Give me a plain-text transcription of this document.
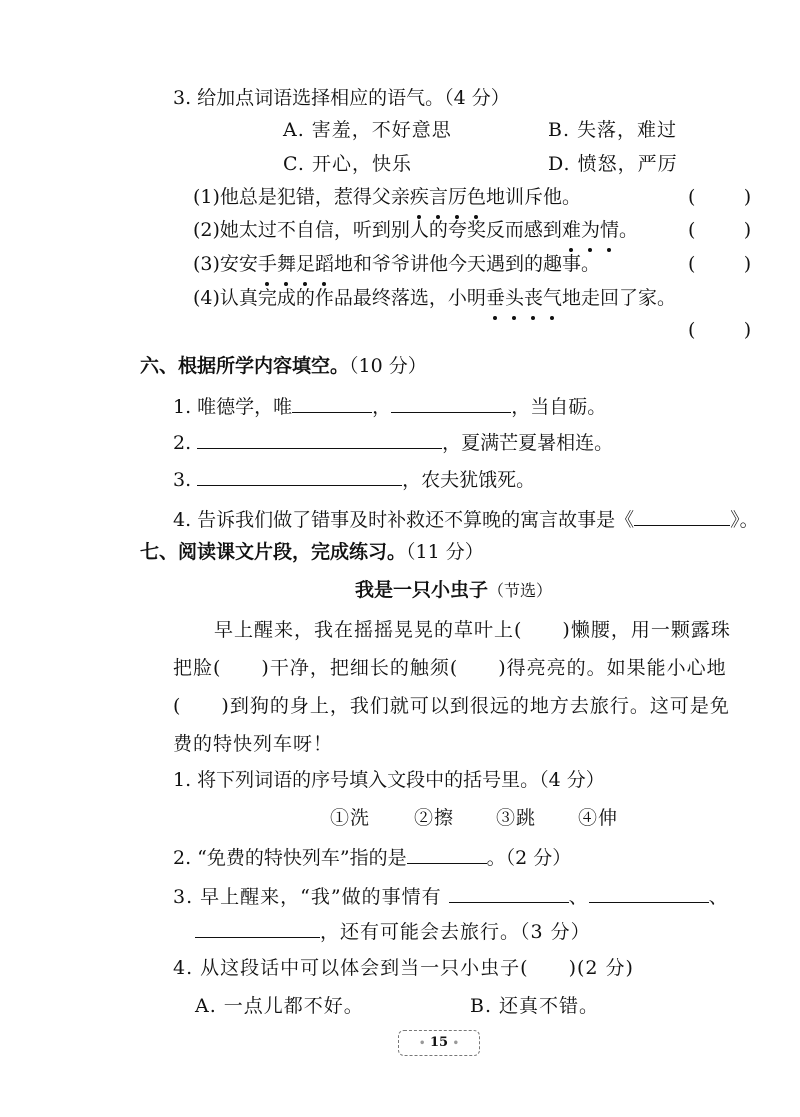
3. 给加点词语选择相应的语气。（4 分）
A. 害羞，不好意思	B. 失落，难过
C. 开心，快乐	D. 愤怒，严厉
(1)他总是犯错，惹得父亲疾言厉色地训斥他。	(        )
(2)她太过不自信，听到别人的夸奖反而感到难为情。	(        )
(3)安安手舞足蹈地和爷爷讲他今天遇到的趣事。	(        )
(4)认真完成的作品最终落选，小明垂头丧气地走回了家。
(        )
六、根据所学内容填空。（10 分）
1. 唯德学，唯	，	，当自砺。
2.	，夏满芒夏暑相连。
3.	，农夫犹饿死。
4. 告诉我们做了错事及时补救还不算晚的寓言故事是《	》。
七、阅读课文片段，完成练习。（11 分）
我是一只小虫子（节选）
早上醒来，我在摇摇晃晃的草叶上(　　)懒腰，用一颗露珠
把脸(　　)干净，把细长的触须(　　)得亮亮的。如果能小心地
(　　)到狗的身上，我们就可以到很远的地方去旅行。这可是免
费的特快列车呀！
1. 将下列词语的序号填入文段中的括号里。（4 分）
①洗 ②擦 ③跳 ④伸
2. “免费的特快列车”指的是	。（2 分）
3. 早上醒来，“我”做的事情有	、	、
，还有可能会去旅行。（3 分）
4. 从这段话中可以体会到当一只小虫子(　　)(2 分)
A. 一点儿都不好。	B. 还真不错。
• 15 •
